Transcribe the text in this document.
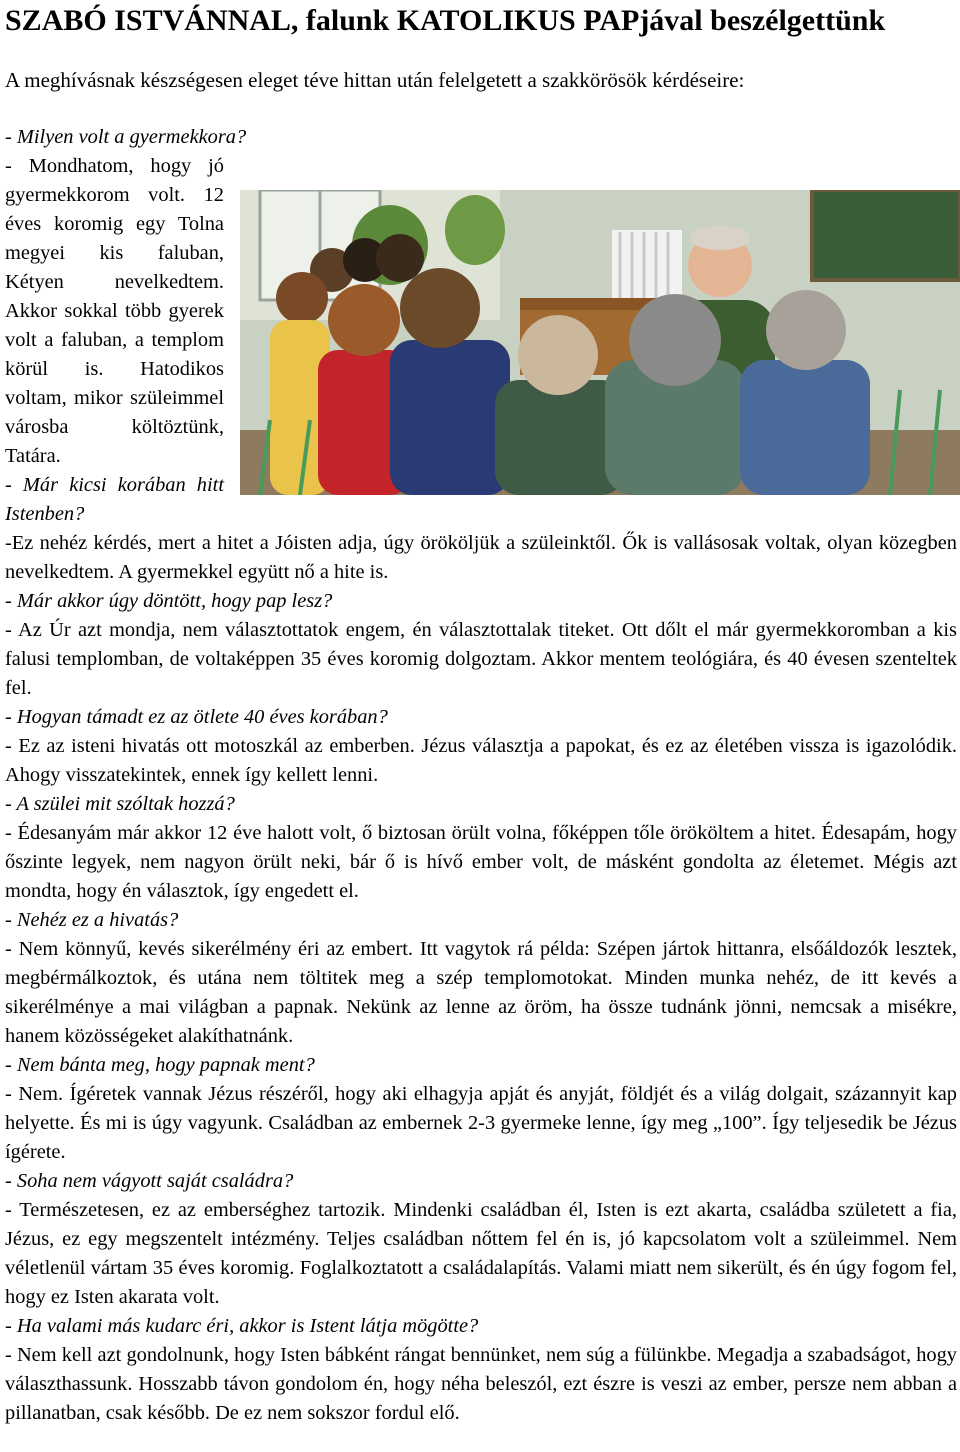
SZABÓ ISTVÁNNAL, falunk KATOLIKUS PAPjával beszélgettünk

A meghívásnak készségesen eleget téve hittan után felelgetett a szakkörösök kérdéseire:

- Milyen volt a gyermekkora?

- Mondhatom, hogy jó gyermekkorom volt. 12 éves koromig egy Tolna megyei kis faluban, Kétyen nevelkedtem. Akkor sokkal több gyerek volt a faluban, a templom körül is. Hatodikos voltam, mikor szüleimmel városba költöztünk, Tatára.

- Már kicsi korában hitt Istenben?

-Ez nehéz kérdés, mert a hitet a Jóisten adja, úgy örököljük a szüleinktől. Ők is vallásosak voltak, olyan közegben nevelkedtem. A gyermekkel együtt nő a hite is.

- Már akkor úgy döntött, hogy pap lesz?

- Az Úr azt mondja, nem választottatok engem, én választottalak titeket. Ott dőlt el már gyermekkoromban a kis falusi templomban, de voltaképpen 35 éves koromig dolgoztam. Akkor mentem teológiára, és 40 évesen szenteltek fel.

- Hogyan támadt ez az ötlete 40 éves korában?

- Ez az isteni hivatás ott motoszkál az emberben. Jézus választja a papokat, és ez az életében vissza is igazolódik. Ahogy visszatekintek, ennek így kellett lenni.

- A szülei mit szóltak hozzá?

- Édesanyám már akkor 12 éve halott volt, ő biztosan örült volna, főképpen tőle örököltem a hitet. Édesapám, hogy őszinte legyek, nem nagyon örült neki, bár ő is hívő ember volt, de másként gondolta az életemet. Mégis azt mondta, hogy én választok, így engedett el.

- Nehéz ez a hivatás?

- Nem könnyű, kevés sikerélmény éri az embert. Itt vagytok rá példa: Szépen jártok hittanra, elsőáldozók lesztek, megbérmálkoztok, és utána nem töltitek meg a szép templomotokat. Minden munka nehéz, de itt kevés a sikerélménye a mai világban a papnak. Nekünk az lenne az öröm, ha össze tudnánk jönni, nemcsak a misékre, hanem közösségeket alakíthatnánk.

- Nem bánta meg, hogy papnak ment?

- Nem. Ígéretek vannak Jézus részéről, hogy aki elhagyja apját és anyját, földjét és a világ dolgait, százannyit kap helyette. És mi is úgy vagyunk. Családban az embernek 2-3 gyermeke lenne, így meg „100”. Így teljesedik be Jézus ígérete.

- Soha nem vágyott saját családra?

- Természetesen, ez az emberséghez tartozik. Mindenki családban él, Isten is ezt akarta, családba született a fia, Jézus, ez egy megszentelt intézmény. Teljes családban nőttem fel én is, jó kapcsolatom volt a szüleimmel. Nem véletlenül vártam 35 éves koromig. Foglalkoztatott a családalapítás. Valami miatt nem sikerült, és én úgy fogom fel, hogy ez Isten akarata volt.

- Ha valami más kudarc éri, akkor is Istent látja mögötte?

- Nem kell azt gondolnunk, hogy Isten bábként rángat bennünket, nem súg a fülünkbe. Megadja a szabadságot, hogy választhassunk. Hosszabb távon gondolom én, hogy néha beleszól, ezt észre is veszi az ember, persze nem abban a pillanatban, csak később. De ez nem sokszor fordul elő.
